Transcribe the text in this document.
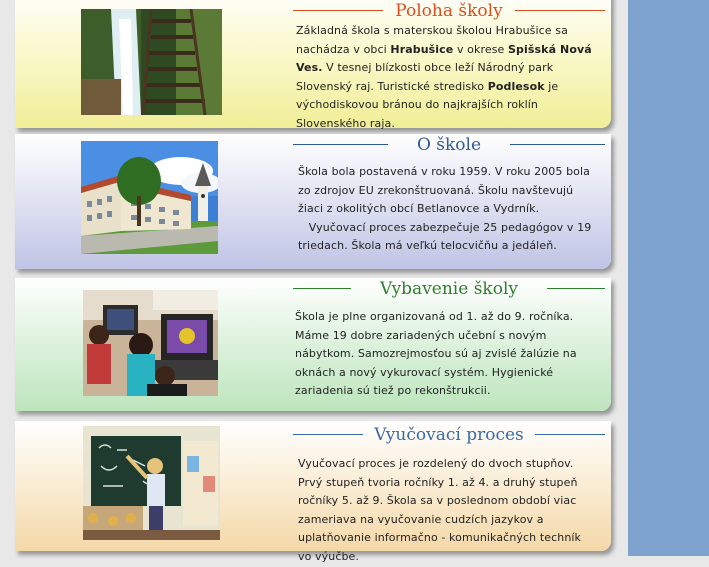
Poloha školy
Základná škola s materskou školou Hrabušice sa nachádza v obci Hrabušice v okrese Spišská Nová Ves. V tesnej blízkosti obce leží Národný park Slovenský raj. Turistické stredisko Podlesok je východiskovou bránou do najkrajších roklín Slovenského raja.
O škole
Škola bola postavená v roku 1959. V roku 2005 bola zo zdrojov EU zrekonštruovaná. Školu navštevujú žiaci z okolitých obcí Betlanovce a Vydrník.
Vyučovací proces zabezpečuje 25 pedagógov v 19 triedach. Škola má veľkú telocvičňu a jedáleň.
Vybavenie školy
Škola je plne organizovaná od 1. až do 9. ročníka. Máme 19 dobre zariadených učební s novým nábytkom. Samozrejmosťou sú aj zvislé žalúzie na oknách a nový vykurovací systém. Hygienické zariadenia sú tiež po rekonštrukcii.
Vyučovací proces
Vyučovací proces je rozdelený do dvoch stupňov. Prvý stupeň tvoria ročníky 1. až 4. a druhý stupeň ročníky 5. až 9. Škola sa v poslednom období viac zameriava na vyučovanie cudzích jazykov a uplatňovanie informačno - komunikačných techník vo výučbe.
